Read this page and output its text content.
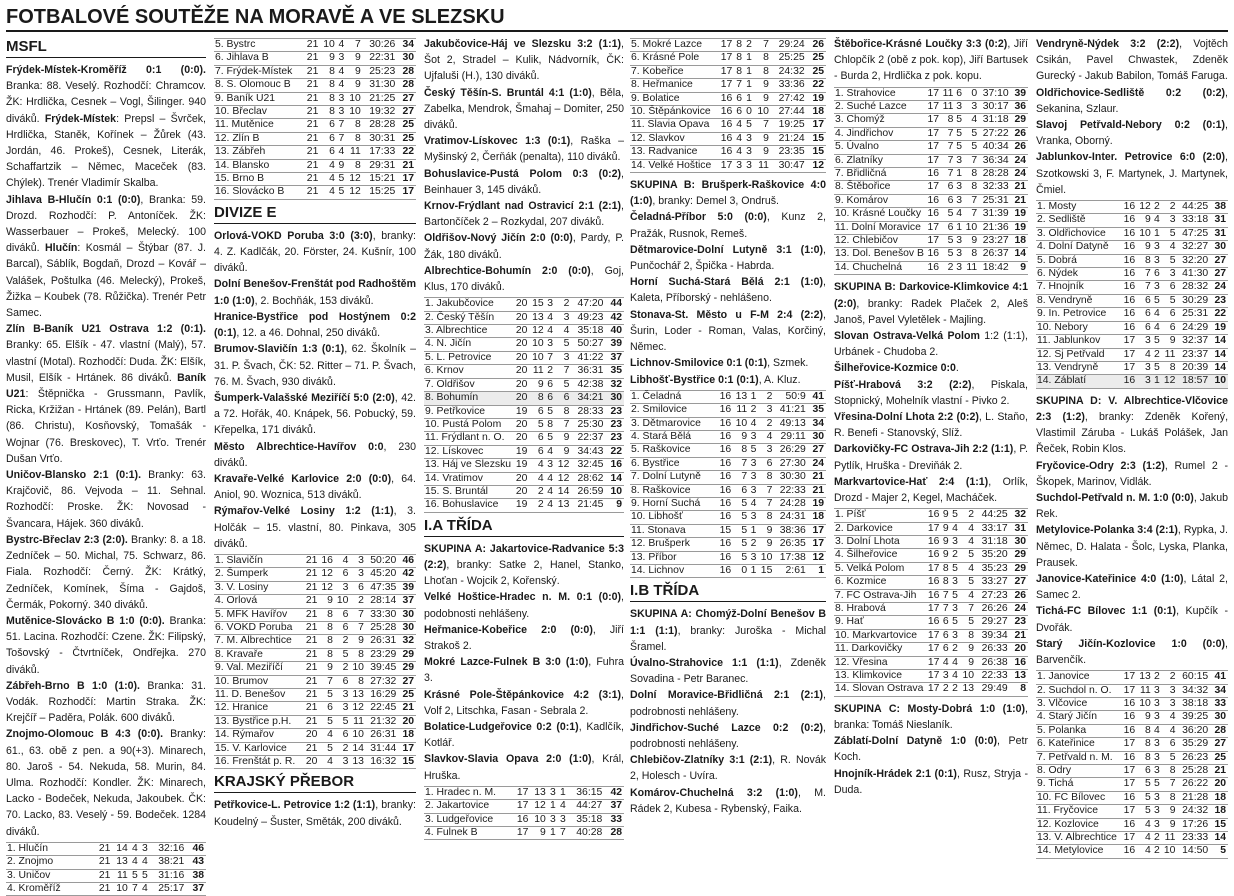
FOTBALOVÉ SOUTĚŽE NA MORAVĚ A VE SLEZSKU
MSFL

Frýdek-Místek-Kroměříž 0:1 (0:0). Branka: 88. Veselý. Rozhodčí: Chramcov. ŽK: Hrdlička, Cesnek – Vogl, Šilinger. 940 diváků. Frýdek-Místek: Prepsl – Švrček, Hrdlička, Staněk, Kořínek – Žůrek (43. Jordán, 46. Prokeš), Cesnek, Literák, Schaffartzik – Němec, Maceček (83. Chýlek). Trenér Vladimír Skalba.

Jihlava B-Hlučín 0:1 (0:0), Branka: 59. Drozd. Rozhodčí: P. Antoníček. ŽK: Wasserbauer – Prokeš, Melecký. 100 diváků. Hlučín: Kosmál – Štýbar (87. J. Barcal), Sáblík, Bogdaň, Drozd – Kovář – Valášek, Poštulka (46. Melecký), Prokeš, Žižka – Koubek (78. Růžička). Trenér Petr Samec.

Zlín B-Baník U21 Ostrava 1:2 (0:1). Branky: 65. Elšík - 47. vlastní (Malý), 57. vlastní (Motal). Rozhodčí: Duda. ŽK: Elšík, Musil, Elšík - Hrtánek. 86 diváků. Baník U21: Štěpnička - Grussmann, Pavlík, Ricka, Kržižan - Hrtánek (89. Pelán), Bartl (86. Christu), Kosňovský, Tomašák - Wojnar (76. Breskovec), T. Vrťo. Trenér Dušan Vrťo.

Uničov-Blansko 2:1 (0:1). Branky: 63. Krajčovič, 86. Vejvoda – 11. Sehnal. Rozhodčí: Proske. ŽK: Novosad - Švancara, Hájek. 360 diváků.

Bystrc-Břeclav 2:3 (2:0). Branky: 8. a 18. Zedníček – 50. Michal, 75. Schwarz, 86. Fiala. Rozhodčí: Černý. ŽK: Krátký, Zedníček, Komínek, Šíma - Gajdoš, Čermák, Pokorný. 340 diváků.

Mutěnice-Slovácko B 1:0 (0:0). Branka: 51. Lacina. Rozhodčí: Czene. ŽK: Filipský, Tošovský - Čtvrtníček, Ondřejka. 270 diváků.

Zábřeh-Brno B 1:0 (1:0). Branka: 31. Vodák. Rozhodčí: Martin Straka. ŽK: Krejčíř – Paděra, Polák. 600 diváků.

Znojmo-Olomouc B 4:3 (0:0). Branky: 61., 63. obě z pen. a 90(+3). Minarech, 80. Jaroš - 54. Nekuda, 58. Murin, 84. Ulma. Rozhodčí: Kondler. ŽK: Minarech, Lacko - Bodeček, Nekuda, Jakoubek. ČK: 70. Lacko, 83. Veselý - 59. Bodeček. 1284 diváků.

1. Hlučín	21	14	4	3	32:16	46
2. Znojmo	21	13	4	4	38:21	43
3. Uničov	21	11	5	5	31:16	38
4. Kroměříž	21	10	7	4	25:17	37
5. Bystrc	21	10	4	7	30:26	34
6. Jihlava B	21	9	3	9	22:31	30
7. Frýdek-Místek	21	8	4	9	25:23	28
8. S. Olomouc B	21	8	4	9	31:30	28
9. Baník U21	21	8	3	10	21:25	27
10. Břeclav	21	8	3	10	19:32	27
11. Mutěnice	21	6	7	8	28:28	25
12. Zlín B	21	6	7	8	30:31	25
13. Zábřeh	21	6	4	11	17:33	22
14. Blansko	21	4	9	8	29:31	21
15. Brno B	21	4	5	12	15:21	17
16. Slovácko B	21	4	5	12	15:25	17
DIVIZE E

Orlová-VOKD Poruba 3:0 (3:0), branky: 4. Z. Kadlčák, 20. Förster, 24. Kušnír, 100 diváků.

Dolní Benešov-Frenštát pod Radhoštěm 1:0 (1:0), 2. Bochňák, 153 diváků.

Hranice-Bystřice pod Hostýnem 0:2 (0:1), 12. a 46. Dohnal, 250 diváků.

Brumov-Slavičín 1:3 (0:1), 62. Školník – 31. P. Švach, ČK: 52. Ritter – 71. P. Švach, 76. M. Švach, 930 diváků.

Šumperk-Valašské Meziříčí 5:0 (2:0), 42. a 72. Hořák, 40. Knápek, 56. Pobucký, 59. Křepelka, 171 diváků.

Město Albrechtice-Havířov 0:0, 230 diváků.

Kravaře-Velké Karlovice 2:0 (0:0), 64. Aniol, 90. Woznica, 513 diváků.

Rýmařov-Velké Losiny 1:2 (1:1), 3. Holčák – 15. vlastní, 80. Pinkava, 305 diváků.

1. Slavičín	21	16	4	3	50:20	46
2. Šumperk	21	12	6	3	45:20	42
3. V. Losiny	21	12	3	6	47:35	39
4. Orlová	21	9	10	2	28:14	37
5. MFK Havířov	21	8	6	7	33:30	30
6. VOKD Poruba	21	8	6	7	25:28	30
7. M. Albrechtice	21	8	2	9	26:31	32
8. Kravaře	21	8	5	8	23:29	29
9. Val. Meziříčí	21	9	2	10	39:45	29
10. Brumov	21	7	6	8	27:32	27
11. D. Benešov	21	5	3	13	16:29	25
12. Hranice	21	6	3	12	22:45	21
13. Bystřice p.H.	21	5	5	11	21:32	20
14. Rýmařov	20	4	6	10	26:31	18
15. V. Karlovice	21	5	2	14	31:44	17
16. Frenštát p. R.	20	4	3	13	16:32	15
KRAJSKÝ PŘEBOR

Petřkovice-L. Petrovice 1:2 (1:1), branky: Koudelný – Šuster, Směták, 200 diváků.

Jakubčovice-Háj ve Slezsku 3:2 (1:1), Šot 2, Stradel – Kulik, Nádvorník, ČK: Ujfaluši (H.), 130 diváků.

Český Těšín-S. Bruntál 4:1 (1:0), Běla, Zabelka, Mendrok, Šmahaj – Domiter, 250 diváků.

Vratimov-Lískovec 1:3 (0:1), Raška – Myšinský 2, Čerňák (penalta), 110 diváků.

Bohuslavice-Pustá Polom 0:3 (0:2), Beinhauer 3, 145 diváků.

Krnov-Frýdlant nad Ostravicí 2:1 (2:1), Bartončíček 2 – Rozkydal, 207 diváků.

Oldřišov-Nový Jičín 2:0 (0:0), Pardy, P. Žák, 180 diváků.

Albrechtice-Bohumín 2:0 (0:0), Goj, Klus, 170 diváků.

1. Jakubčovice	20	15	3	2	47:20	44
2. Český Těšín	20	13	4	3	49:23	42
3. Albrechtice	20	12	4	4	35:18	40
4. N. Jičín	20	10	3	5	50:27	39
5. L. Petrovice	20	10	7	3	41:22	37
6. Krnov	20	11	2	7	36:31	35
7. Oldřišov	20	9	6	5	42:38	32
8. Bohumín	20	8	6	6	34:21	30
9. Petřkovice	19	6	5	8	28:33	23
10. Pustá Polom	20	5	8	7	25:30	23
11. Frýdlant n. O.	20	6	5	9	22:37	23
12. Lískovec	19	6	4	9	34:43	22
13. Háj ve Slezsku	19	4	3	12	32:45	16
14. Vratimov	20	4	4	12	28:62	14
15. S. Bruntál	20	2	4	14	26:59	10
16. Bohuslavice	19	2	4	13	21:45	9
I.A TŘÍDA

SKUPINA A: Jakartovice-Radvanice 5:3 (2:2), branky: Satke 2, Hanel, Stanko, Lhoťan - Wojcik 2, Kořenský.

Velké Hoštice-Hradec n. M. 0:1 (0:0), podobnosti nehlášeny.

Heřmanice-Kobeřice 2:0 (0:0), Jiří Strakoš 2.

Mokré Lazce-Fulnek B 3:0 (1:0), Fuhra 3.

Krásné Pole-Štěpánkovice 4:2 (3:1), Volf 2, Litschka, Fasan - Sebrala 2.

Bolatice-Ludgeřovice 0:2 (0:1), Kadlčík, Kotlář.

Slavkov-Slavia Opava 2:0 (1:0), Král, Hruška.

1. Hradec n. M.	17	13	3	1	36:15	42
2. Jakartovice	17	12	1	4	44:27	37
3. Ludgeřovice	16	10	3	3	35:18	33
4. Fulnek B	17	9	1	7	40:28	28
5. Mokré Lazce	17	8	2	7	29:24	26
6. Krásné Pole	17	8	1	8	25:25	25
7. Kobeřice	17	8	1	8	24:32	25
8. Heřmanice	17	7	1	9	33:36	22
9. Bolatice	16	6	1	9	27:42	19
10. Štěpánkovice	16	6	0	10	27:44	18
11. Slavia Opava	16	4	5	7	19:25	17
12. Slavkov	16	4	3	9	21:24	15
13. Radvanice	16	4	3	9	23:35	15
14. Velké Hoštice	17	3	3	11	30:47	12

SKUPINA B: Brušperk-Raškovice 4:0 (1:0), branky: Demel 3, Ondruš.

Čeladná-Příbor 5:0 (0:0), Kunz 2, Pražák, Rusnok, Remeš.

Dětmarovice-Dolní Lutyně 3:1 (1:0), Punčochář 2, Špička - Habrda.

Horní Suchá-Stará Bělá 2:1 (1:0), Kaleta, Příborský - nehlášeno.

Stonava-St. Město u F-M 2:4 (2:2), Šurin, Loder - Roman, Valas, Korčiný, Němec.

Lichnov-Smilovice 0:1 (0:1), Szmek.

Libhošť-Bystřice 0:1 (0:1), A. Kluz.

1. Čeladná	16	13	1	2	50:9	41
2. Smilovice	16	11	2	3	41:21	35
3. Dětmarovice	16	10	4	2	49:13	34
4. Stará Bělá	16	9	3	4	29:11	30
5. Raškovice	16	8	5	3	26:29	27
6. Bystřice	16	7	3	6	27:30	24
7. Dolní Lutyně	16	7	3	8	30:30	21
8. Raškovice	16	6	3	7	22:33	21
9. Horní Suchá	16	5	4	7	24:28	19
10. Libhošť	16	5	3	8	24:31	18
11. Stonava	15	5	1	9	38:36	17
12. Brušperk	16	5	2	9	26:35	17
13. Příbor	16	5	3	10	17:38	12
14. Lichnov	16	0	1	15	2:61	1
I.B TŘÍDA

SKUPINA A: Chomýž-Dolní Benešov B 1:1 (1:1), branky: Juroška - Michal Šramel.

Úvalno-Strahovice 1:1 (1:1), Zdeněk Sovadina - Petr Baranec.

Dolní Moravice-Břidličná 2:1 (2:1), podrobnosti nehlášeny.

Jindřichov-Suché Lazce 0:2 (0:2), podrobnosti nehlášeny.

Chlebičov-Zlatníky 3:1 (2:1), R. Novák 2, Holesch - Uvíra.

Komárov-Chuchelná 3:2 (1:0), M. Rádek 2, Kubesa - Rybenský, Faika.

Štěbořice-Krásné Loučky 3:3 (0:2), Jiří Chlopčík 2 (obě z pok. kop), Jiří Bartusek - Burda 2, Hrdlička z pok. kopu.

1. Strahovice	17	11	6	0	37:10	39
2. Suché Lazce	17	11	3	3	30:17	36
3. Chomýž	17	8	5	4	31:18	29
4. Jindřichov	17	7	5	5	27:22	26
5. Úvalno	17	7	5	5	40:34	26
6. Zlatníky	17	7	3	7	36:34	24
7. Břidličná	16	7	1	8	28:28	24
8. Štěbořice	17	6	3	8	32:33	21
9. Komárov	16	6	3	7	25:31	21
10. Krásné Loučky	16	5	4	7	31:39	19
11. Dolní Moravice	17	6	1	10	21:36	19
12. Chlebičov	17	5	3	9	23:27	18
13. Dol. Benešov B	16	5	3	8	26:37	14
14. Chuchelná	16	2	3	11	18:42	9

SKUPINA B: Darkovice-Klimkovice 4:1 (2:0), branky: Radek Plaček 2, Aleš Janoš, Pavel Vyletělek - Majling.

Slovan Ostrava-Velká Polom 1:2 (1:1), Urbánek - Chudoba 2.

Šilheřovice-Kozmice 0:0.

Píšť-Hrabová 3:2 (2:2), Piskala, Stopnický, Mohelník vlastní - Pivko 2.

Vřesina-Dolní Lhota 2:2 (0:2), L. Staňo, R. Benefi - Stanovský, Slíž.

Darkovičky-FC Ostrava-Jih 2:2 (1:1), P. Pytlík, Hruška - Dreviňák 2.

Markvartovice-Hať 2:4 (1:1), Orlík, Drozd - Majer 2, Kegel, Macháček.

1. Píšť	16	9	5	2	44:25	32
2. Darkovice	17	9	4	4	33:17	31
3. Dolní Lhota	16	9	3	4	31:18	30
4. Šilheřovice	16	9	2	5	35:20	29
5. Velká Polom	17	8	5	4	35:23	29
6. Kozmice	16	8	3	5	33:27	27
7. FC Ostrava-Jih	16	7	5	4	27:23	26
8. Hrabová	17	7	3	7	26:26	24
9. Hať	16	6	5	5	29:27	23
10. Markvartovice	17	6	3	8	39:34	21
11. Darkovičky	17	6	2	9	26:33	20
12. Vřesina	17	4	4	9	26:38	16
13. Klimkovice	17	3	4	10	22:33	13
14. Slovan Ostrava	17	2	2	13	29:49	8

SKUPINA C: Mosty-Dobrá 1:0 (1:0), branka: Tomáš Nieslaník.

Záblatí-Dolní Datyně 1:0 (0:0), Petr Koch.

Hnojník-Hrádek 2:1 (0:1), Rusz, Stryja - Duda.

Vendryně-Nýdek 3:2 (2:2), Vojtěch Csikán, Pavel Chwastek, Zdeněk Gurecký - Jakub Babilon, Tomáš Faruga.

Oldřichovice-Sedliště 0:2 (0:2), Sekanina, Szlaur.

Slavoj Petřvald-Nebory 0:2 (0:1), Vranka, Oborný.

Jablunkov-Inter. Petrovice 6:0 (2:0), Szotkowski 3, F. Martynek, J. Martynek, Čmiel.

1. Mosty	16	12	2	2	44:25	38
2. Sedliště	16	9	4	3	33:18	31
3. Oldřichovice	16	10	1	5	47:25	31
4. Dolní Datyně	16	9	3	4	32:27	30
5. Dobrá	16	8	3	5	32:20	27
6. Nýdek	16	7	6	3	41:30	27
7. Hnojník	16	7	3	6	28:32	24
8. Vendryně	16	6	5	5	30:29	23
9. In. Petrovice	16	6	4	6	25:31	22
10. Nebory	16	6	4	6	24:29	19
11. Jablunkov	17	3	5	9	32:37	14
12. Sj Petřvald	17	4	2	11	23:37	14
13. Vendryně	17	3	5	8	20:39	14
14. Záblatí	16	3	1	12	18:57	10

SKUPINA D: V. Albrechtice-Vlčovice 2:3 (1:2), branky: Zdeněk Kořený, Vlastimil Záruba - Lukáš Polášek, Jan Řeček, Robin Klos.

Fryčovice-Odry 2:3 (1:2), Rumel 2 - Škopek, Marinov, Vidlák.

Suchdol-Petřvald n. M. 1:0 (0:0), Jakub Rek.

Metylovice-Polanka 3:4 (2:1), Rypka, J. Němec, D. Halata - Šolc, Lyska, Planka, Prausek.

Janovice-Kateřinice 4:0 (1:0), Látal 2, Samec 2.

Tichá-FC Bílovec 1:1 (0:1), Kupčík - Dvořák.

Starý Jičín-Kozlovice 1:0 (0:0), Barvenčík.

1. Janovice	17	13	2	2	60:15	41
2. Suchdol n. O.	17	11	3	3	34:32	34
3. Vlčovice	16	10	3	3	38:18	33
4. Starý Jičín	16	9	3	4	39:25	30
5. Polanka	16	8	4	4	36:20	28
6. Kateřinice	17	8	3	6	35:29	27
7. Petřvald n. M.	16	8	3	5	26:23	25
8. Odry	17	6	3	8	25:28	21
9. Tichá	17	5	5	7	26:22	20
10. FC Bílovec	16	5	3	8	21:28	18
11. Fryčovice	17	5	3	9	24:32	18
12. Kozlovice	16	4	3	9	17:26	15
13. V. Albrechtice	17	4	2	11	23:33	14
14. Metylovice	16	4	2	10	14:50	5
